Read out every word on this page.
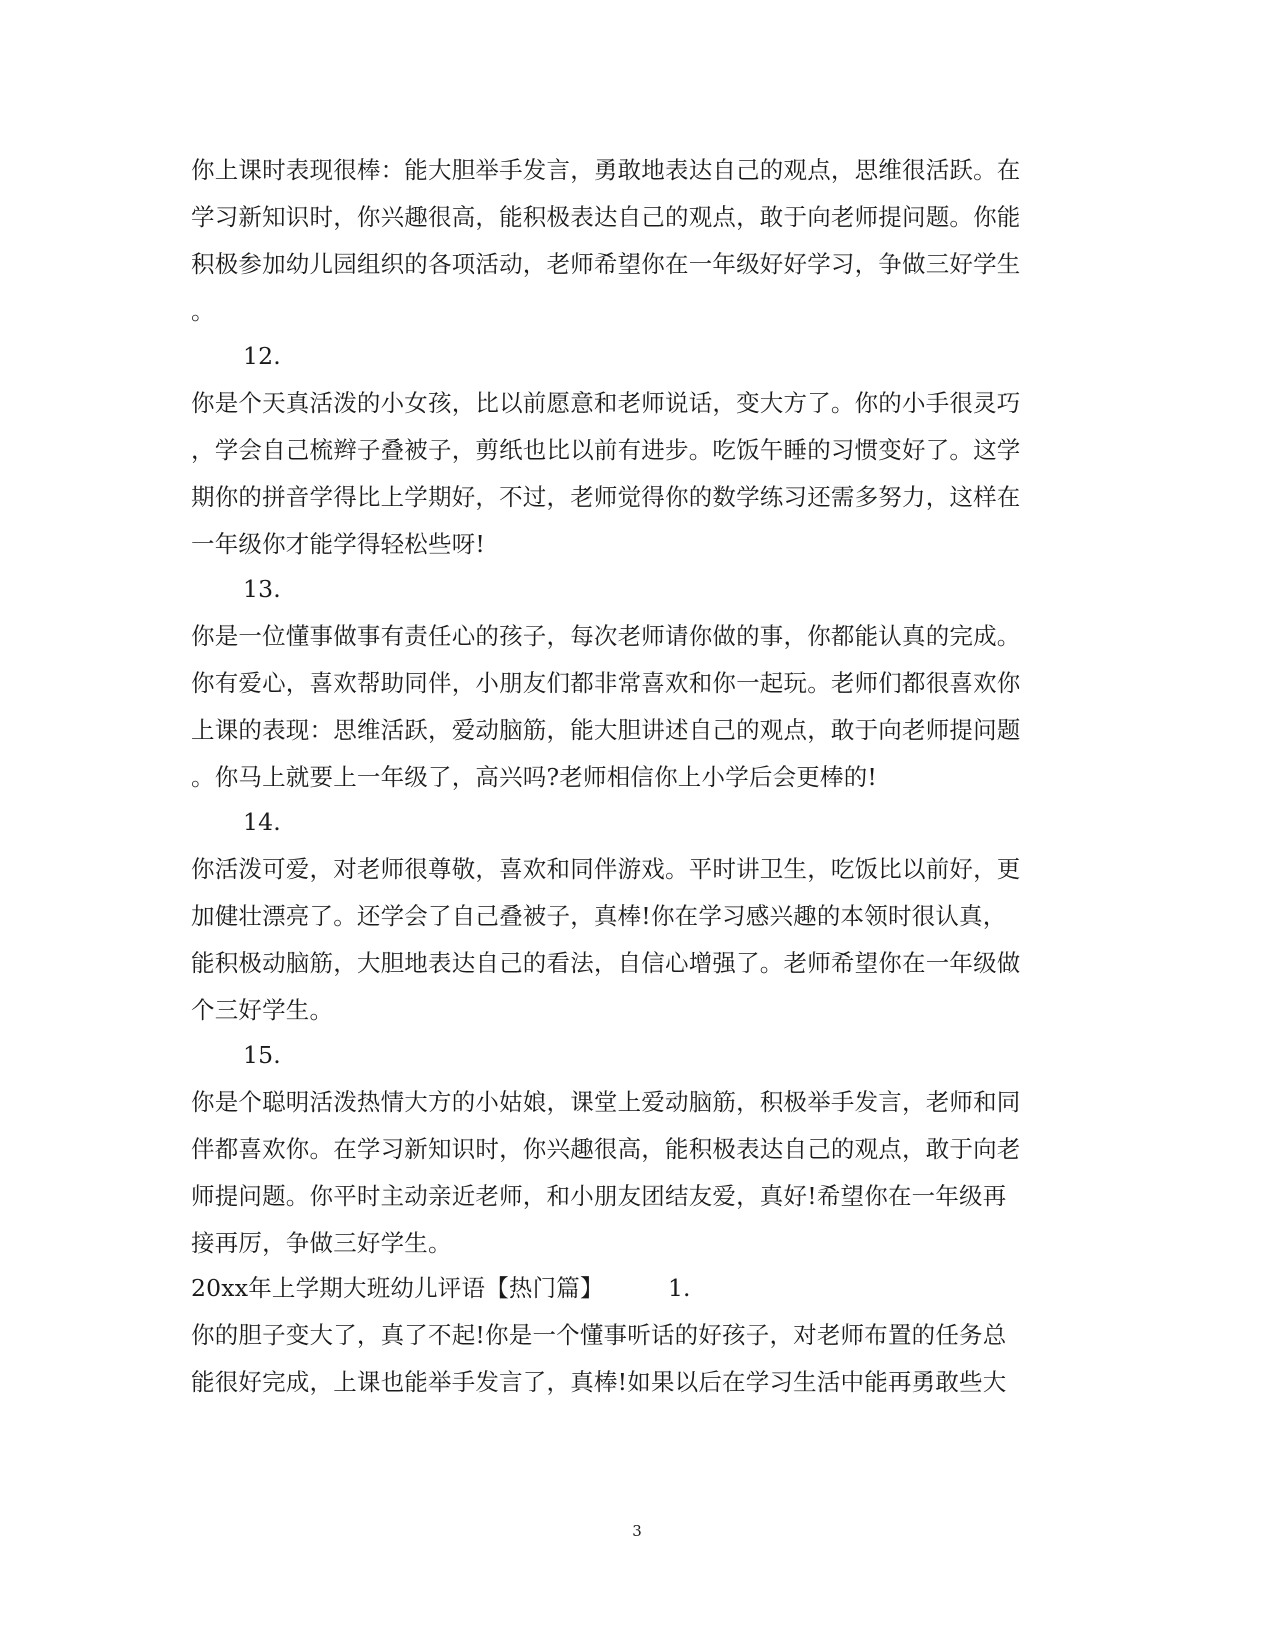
你上课时表现很棒：能大胆举手发言，勇敢地表达自己的观点，思维很活跃。在
学习新知识时，你兴趣很高，能积极表达自己的观点，敢于向老师提问题。你能
积极参加幼儿园组织的各项活动，老师希望你在一年级好好学习，争做三好学生
。
12.
你是个天真活泼的小女孩，比以前愿意和老师说话，变大方了。你的小手很灵巧
，学会自己梳辫子叠被子，剪纸也比以前有进步。吃饭午睡的习惯变好了。这学
期你的拼音学得比上学期好，不过，老师觉得你的数学练习还需多努力，这样在
一年级你才能学得轻松些呀!
13.
你是一位懂事做事有责任心的孩子，每次老师请你做的事，你都能认真的完成。
你有爱心，喜欢帮助同伴，小朋友们都非常喜欢和你一起玩。老师们都很喜欢你
上课的表现：思维活跃，爱动脑筋，能大胆讲述自己的观点，敢于向老师提问题
。你马上就要上一年级了，高兴吗?老师相信你上小学后会更棒的!
14.
你活泼可爱，对老师很尊敬，喜欢和同伴游戏。平时讲卫生，吃饭比以前好，更
加健壮漂亮了。还学会了自己叠被子，真棒!你在学习感兴趣的本领时很认真，
能积极动脑筋，大胆地表达自己的看法，自信心增强了。老师希望你在一年级做
个三好学生。
15.
你是个聪明活泼热情大方的小姑娘，课堂上爱动脑筋，积极举手发言，老师和同
伴都喜欢你。在学习新知识时，你兴趣很高，能积极表达自己的观点，敢于向老
师提问题。你平时主动亲近老师，和小朋友团结友爱，真好!希望你在一年级再
接再厉，争做三好学生。
20xx年上学期大班幼儿评语【热门篇】	1.
你的胆子变大了，真了不起!你是一个懂事听话的好孩子，对老师布置的任务总
能很好完成，上课也能举手发言了，真棒!如果以后在学习生活中能再勇敢些大
3
